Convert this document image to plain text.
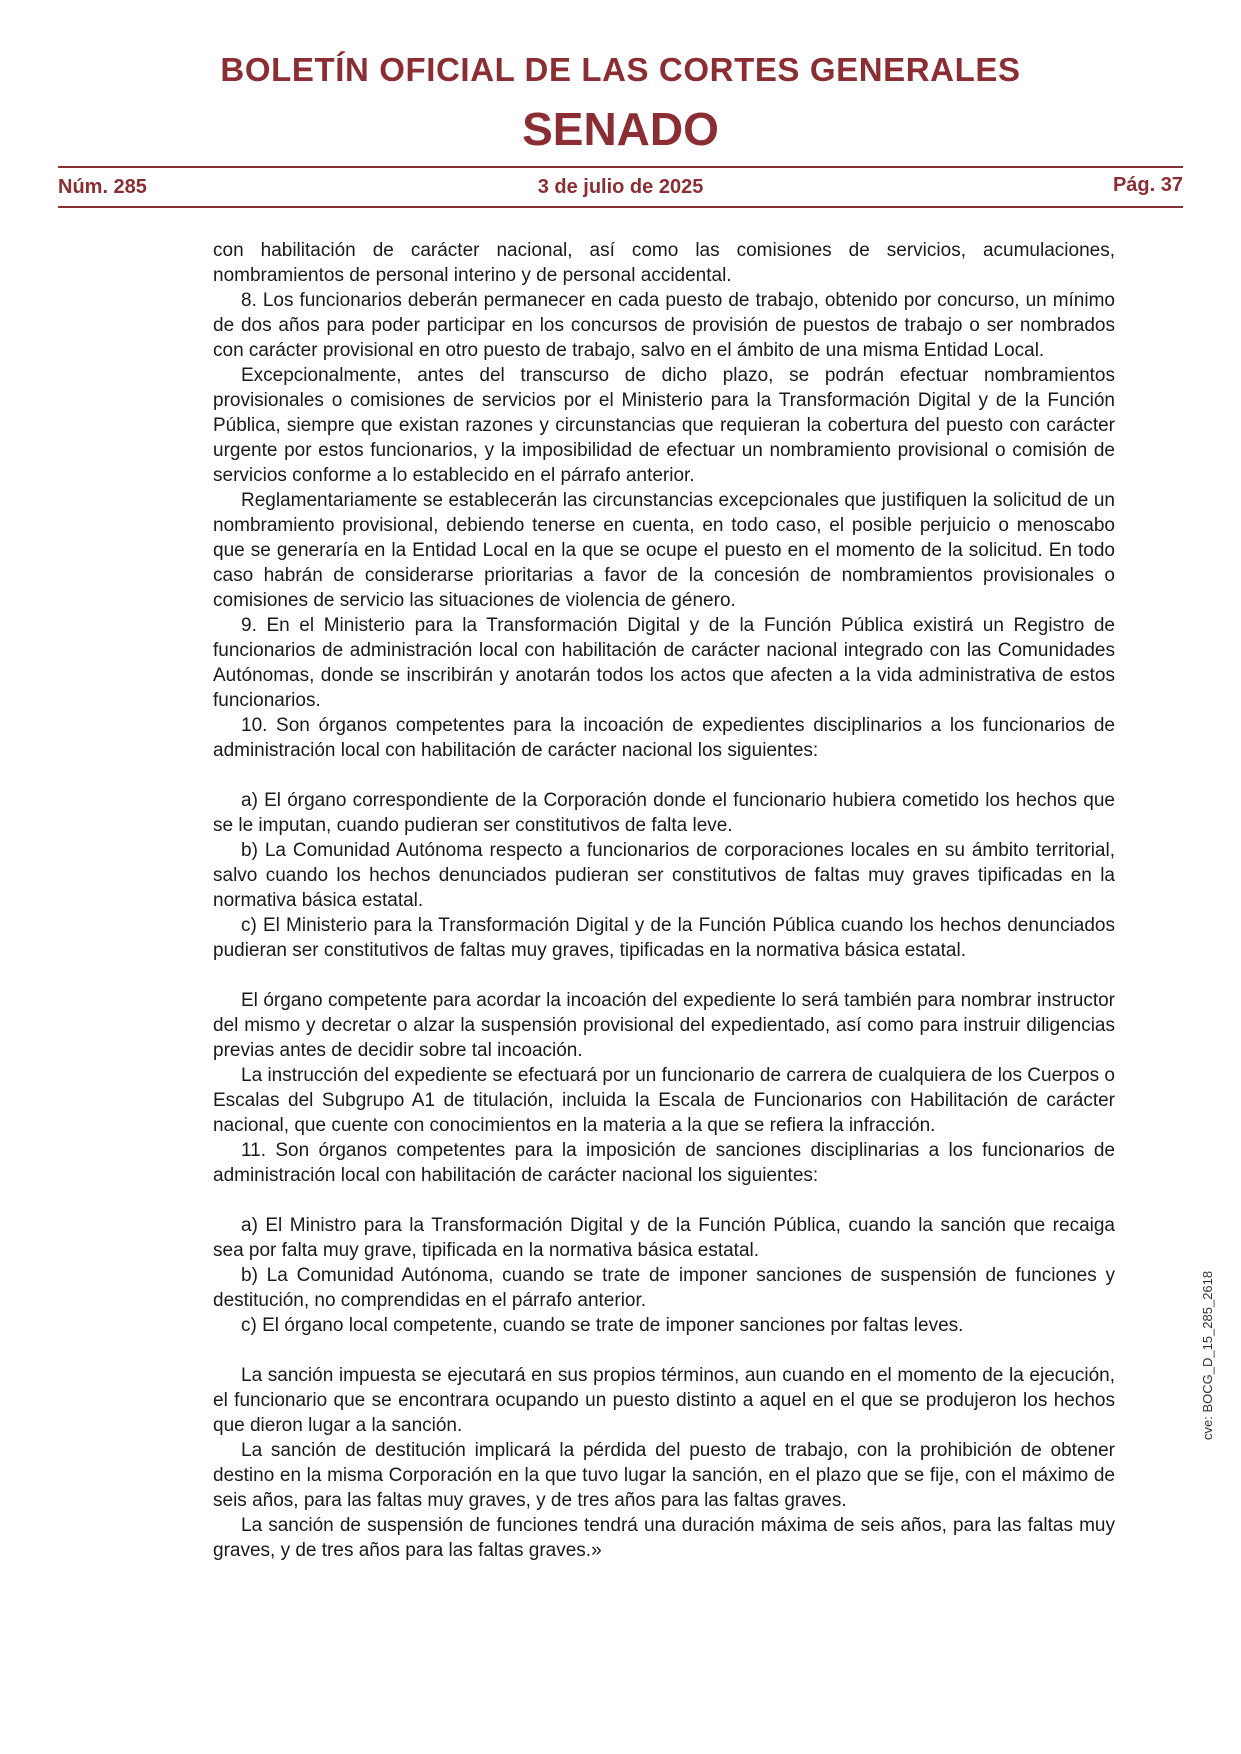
BOLETÍN OFICIAL DE LAS CORTES GENERALES
SENADO
Núm. 285	3 de julio de 2025	Pág. 37

con habilitación de carácter nacional, así como las comisiones de servicios, acumulaciones, nombramientos de personal interino y de personal accidental.

8. Los funcionarios deberán permanecer en cada puesto de trabajo, obtenido por concurso, un mínimo de dos años para poder participar en los concursos de provisión de puestos de trabajo o ser nombrados con carácter provisional en otro puesto de trabajo, salvo en el ámbito de una misma Entidad Local.

Excepcionalmente, antes del transcurso de dicho plazo, se podrán efectuar nombramientos provisionales o comisiones de servicios por el Ministerio para la Transformación Digital y de la Función Pública, siempre que existan razones y circunstancias que requieran la cobertura del puesto con carácter urgente por estos funcionarios, y la imposibilidad de efectuar un nombramiento provisional o comisión de servicios conforme a lo establecido en el párrafo anterior.

Reglamentariamente se establecerán las circunstancias excepcionales que justifiquen la solicitud de un nombramiento provisional, debiendo tenerse en cuenta, en todo caso, el posible perjuicio o menoscabo que se generaría en la Entidad Local en la que se ocupe el puesto en el momento de la solicitud. En todo caso habrán de considerarse prioritarias a favor de la concesión de nombramientos provisionales o comisiones de servicio las situaciones de violencia de género.

9. En el Ministerio para la Transformación Digital y de la Función Pública existirá un Registro de funcionarios de administración local con habilitación de carácter nacional integrado con las Comunidades Autónomas, donde se inscribirán y anotarán todos los actos que afecten a la vida administrativa de estos funcionarios.

10. Son órganos competentes para la incoación de expedientes disciplinarios a los funcionarios de administración local con habilitación de carácter nacional los siguientes:

a) El órgano correspondiente de la Corporación donde el funcionario hubiera cometido los hechos que se le imputan, cuando pudieran ser constitutivos de falta leve.

b) La Comunidad Autónoma respecto a funcionarios de corporaciones locales en su ámbito territorial, salvo cuando los hechos denunciados pudieran ser constitutivos de faltas muy graves tipificadas en la normativa básica estatal.

c) El Ministerio para la Transformación Digital y de la Función Pública cuando los hechos denunciados pudieran ser constitutivos de faltas muy graves, tipificadas en la normativa básica estatal.

El órgano competente para acordar la incoación del expediente lo será también para nombrar instructor del mismo y decretar o alzar la suspensión provisional del expedientado, así como para instruir diligencias previas antes de decidir sobre tal incoación.

La instrucción del expediente se efectuará por un funcionario de carrera de cualquiera de los Cuerpos o Escalas del Subgrupo A1 de titulación, incluida la Escala de Funcionarios con Habilitación de carácter nacional, que cuente con conocimientos en la materia a la que se refiera la infracción.

11. Son órganos competentes para la imposición de sanciones disciplinarias a los funcionarios de administración local con habilitación de carácter nacional los siguientes:

a) El Ministro para la Transformación Digital y de la Función Pública, cuando la sanción que recaiga sea por falta muy grave, tipificada en la normativa básica estatal.

b) La Comunidad Autónoma, cuando se trate de imponer sanciones de suspensión de funciones y destitución, no comprendidas en el párrafo anterior.

c) El órgano local competente, cuando se trate de imponer sanciones por faltas leves.

La sanción impuesta se ejecutará en sus propios términos, aun cuando en el momento de la ejecución, el funcionario que se encontrara ocupando un puesto distinto a aquel en el que se produjeron los hechos que dieron lugar a la sanción.

La sanción de destitución implicará la pérdida del puesto de trabajo, con la prohibición de obtener destino en la misma Corporación en la que tuvo lugar la sanción, en el plazo que se fije, con el máximo de seis años, para las faltas muy graves, y de tres años para las faltas graves.

La sanción de suspensión de funciones tendrá una duración máxima de seis años, para las faltas muy graves, y de tres años para las faltas graves.»

cve: BOCG_D_15_285_2618
